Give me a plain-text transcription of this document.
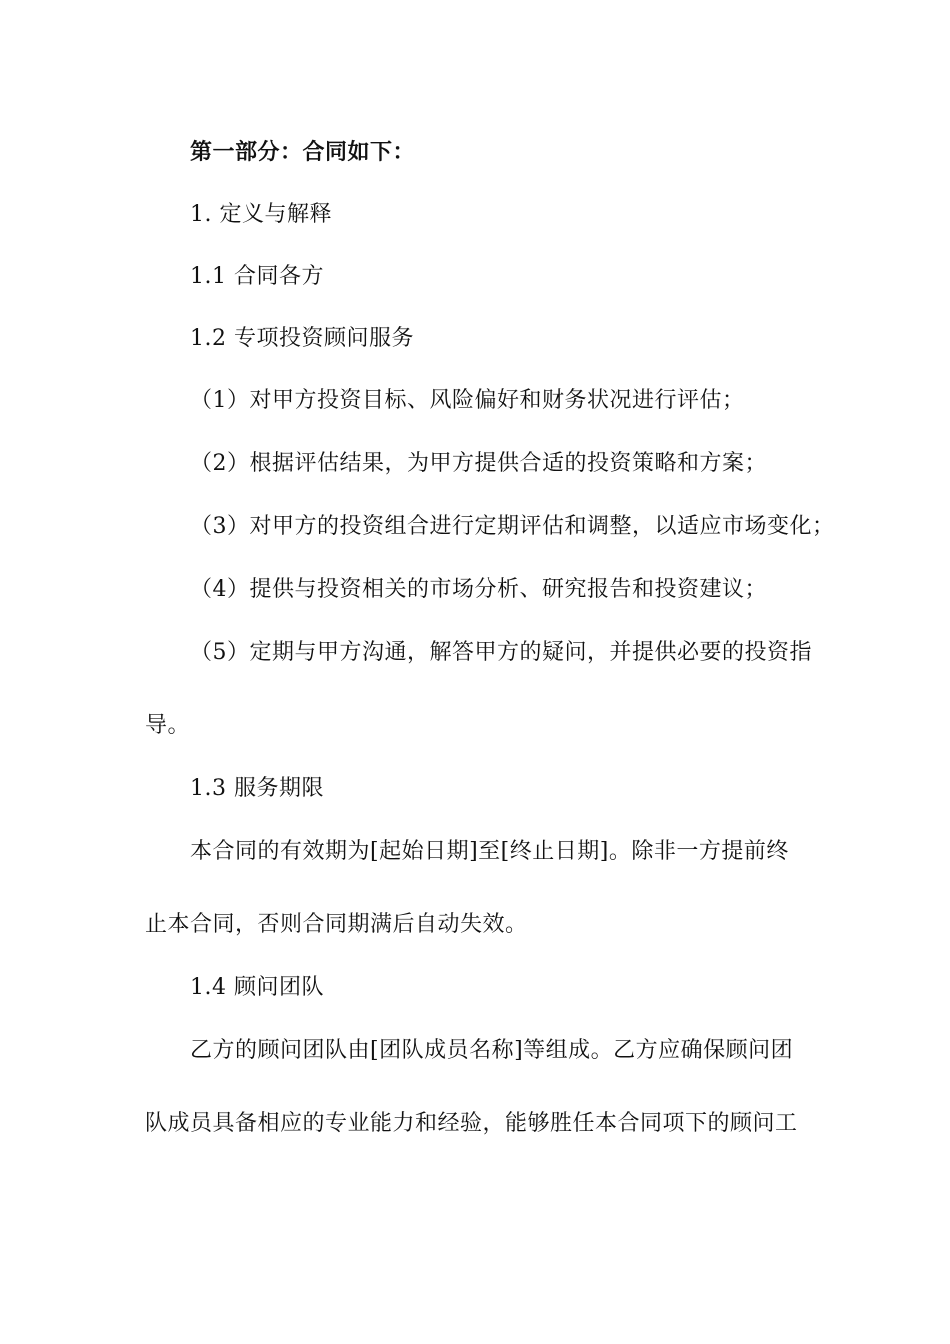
第一部分：合同如下：
1. 定义与解释
1.1 合同各方
1.2 专项投资顾问服务
（1）对甲方投资目标、风险偏好和财务状况进行评估；
（2）根据评估结果，为甲方提供合适的投资策略和方案；
（3）对甲方的投资组合进行定期评估和调整，以适应市场变化；
（4）提供与投资相关的市场分析、研究报告和投资建议；
（5）定期与甲方沟通，解答甲方的疑问，并提供必要的投资指
导。
1.3 服务期限
本合同的有效期为[起始日期]至[终止日期]。除非一方提前终
止本合同，否则合同期满后自动失效。
1.4 顾问团队
乙方的顾问团队由[团队成员名称]等组成。乙方应确保顾问团
队成员具备相应的专业能力和经验，能够胜任本合同项下的顾问工
